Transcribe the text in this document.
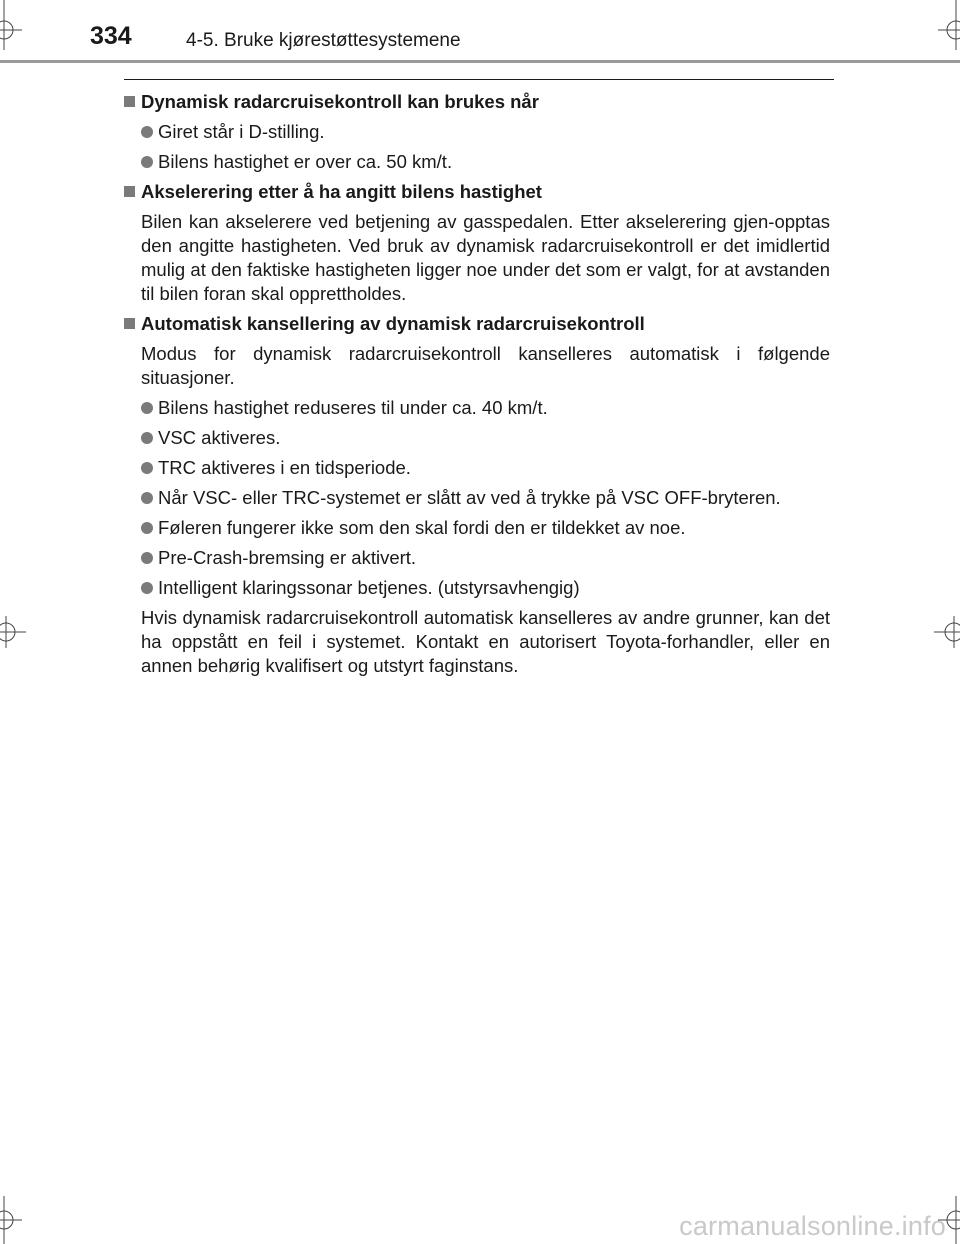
334	4-5. Bruke kjørestøttesystemene
Dynamisk radarcruisekontroll kan brukes når
Giret står i D-stilling.
Bilens hastighet er over ca. 50 km/t.
Akselerering etter å ha angitt bilens hastighet
Bilen kan akselerere ved betjening av gasspedalen. Etter akselerering gjen-opptas den angitte hastigheten. Ved bruk av dynamisk radarcruisekontroll er det imidlertid mulig at den faktiske hastigheten ligger noe under det som er valgt, for at avstanden til bilen foran skal opprettholdes.
Automatisk kansellering av dynamisk radarcruisekontroll
Modus for dynamisk radarcruisekontroll kanselleres automatisk i følgende situasjoner.
Bilens hastighet reduseres til under ca. 40 km/t.
VSC aktiveres.
TRC aktiveres i en tidsperiode.
Når VSC- eller TRC-systemet er slått av ved å trykke på VSC OFF-bryteren.
Føleren fungerer ikke som den skal fordi den er tildekket av noe.
Pre-Crash-bremsing er aktivert.
Intelligent klaringssonar betjenes. (utstyrsavhengig)
Hvis dynamisk radarcruisekontroll automatisk kanselleres av andre grunner, kan det ha oppstått en feil i systemet. Kontakt en autorisert Toyota-forhandler, eller en annen behørig kvalifisert og utstyrt faginstans.
carmanualsonline.info
